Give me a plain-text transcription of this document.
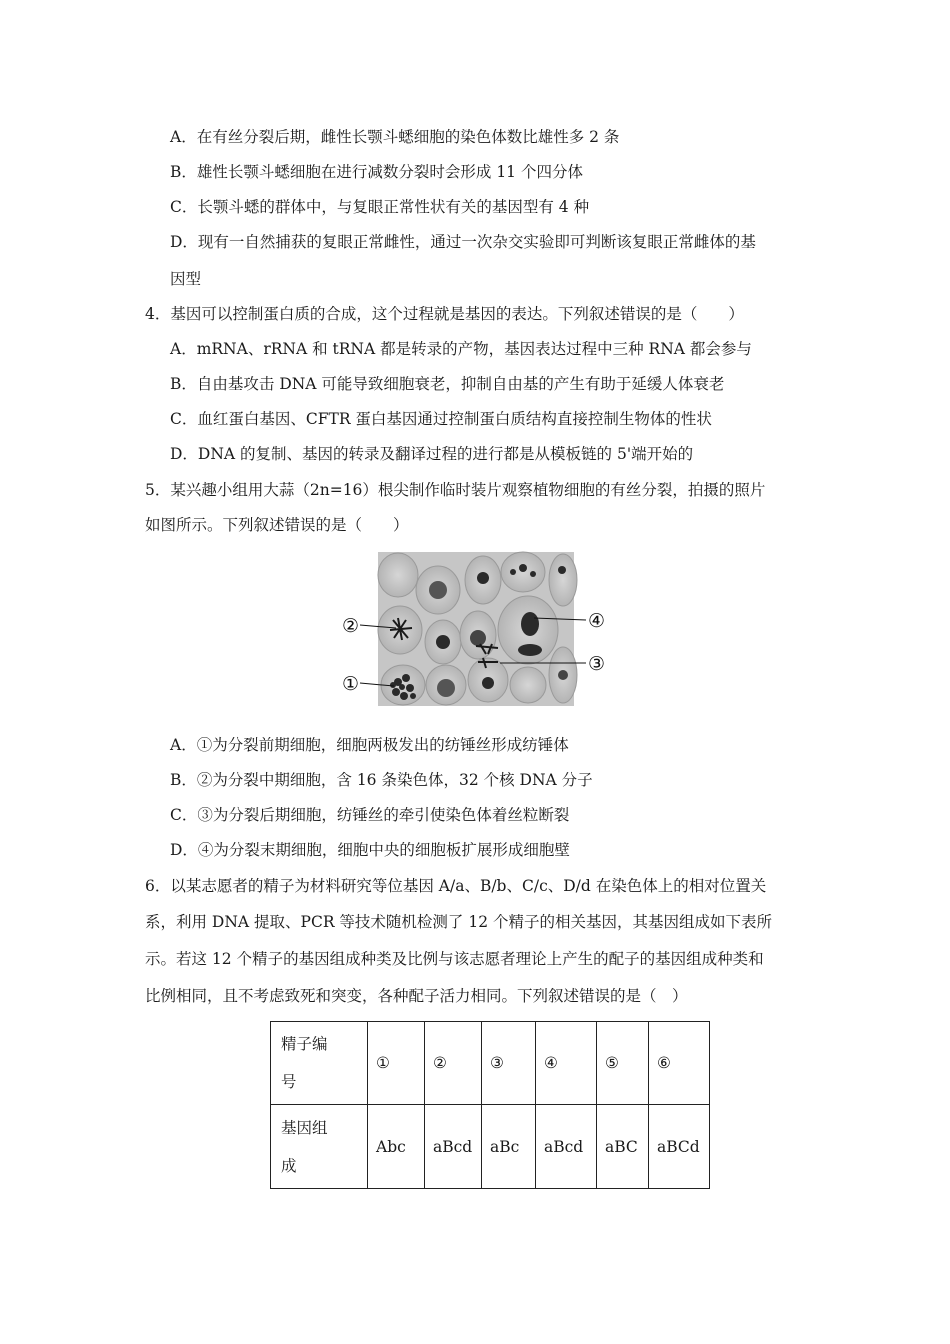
A．在有丝分裂后期，雌性长颚斗蟋细胞的染色体数比雄性多 2 条
B．雄性长颚斗蟋细胞在进行减数分裂时会形成 11 个四分体
C．长颚斗蟋的群体中，与复眼正常性状有关的基因型有 4 种
D．现有一自然捕获的复眼正常雌性，通过一次杂交实验即可判断该复眼正常雌体的基
因型
4．基因可以控制蛋白质的合成，这个过程就是基因的表达。下列叙述错误的是（　　）
A．mRNA、rRNA 和 tRNA 都是转录的产物，基因表达过程中三种 RNA 都会参与
B．自由基攻击 DNA 可能导致细胞衰老，抑制自由基的产生有助于延缓人体衰老
C．血红蛋白基因、CFTR 蛋白基因通过控制蛋白质结构直接控制生物体的性状
D．DNA 的复制、基因的转录及翻译过程的进行都是从模板链的 5'端开始的
5．某兴趣小组用大蒜（2n=16）根尖制作临时装片观察植物细胞的有丝分裂，拍摄的照片
如图所示。下列叙述错误的是（　　）
②
①
④
③
A．①为分裂前期细胞，细胞两极发出的纺锤丝形成纺锤体
B．②为分裂中期细胞，含 16 条染色体，32 个核 DNA 分子
C．③为分裂后期细胞，纺锤丝的牵引使染色体着丝粒断裂
D．④为分裂末期细胞，细胞中央的细胞板扩展形成细胞壁
6．以某志愿者的精子为材料研究等位基因 A/a、B/b、C/c、D/d 在染色体上的相对位置关
系，利用 DNA 提取、PCR 等技术随机检测了 12 个精子的相关基因，其基因组成如下表所
示。若这 12 个精子的基因组成种类及比例与该志愿者理论上产生的配子的基因组成种类和
比例相同，且不考虑致死和突变，各种配子活力相同。下列叙述错误的是（　）
精子编
号	①	②	③	④	⑤	⑥

基因组
成	Abc	aBcd	aBc	aBcd	aBC	aBCd
